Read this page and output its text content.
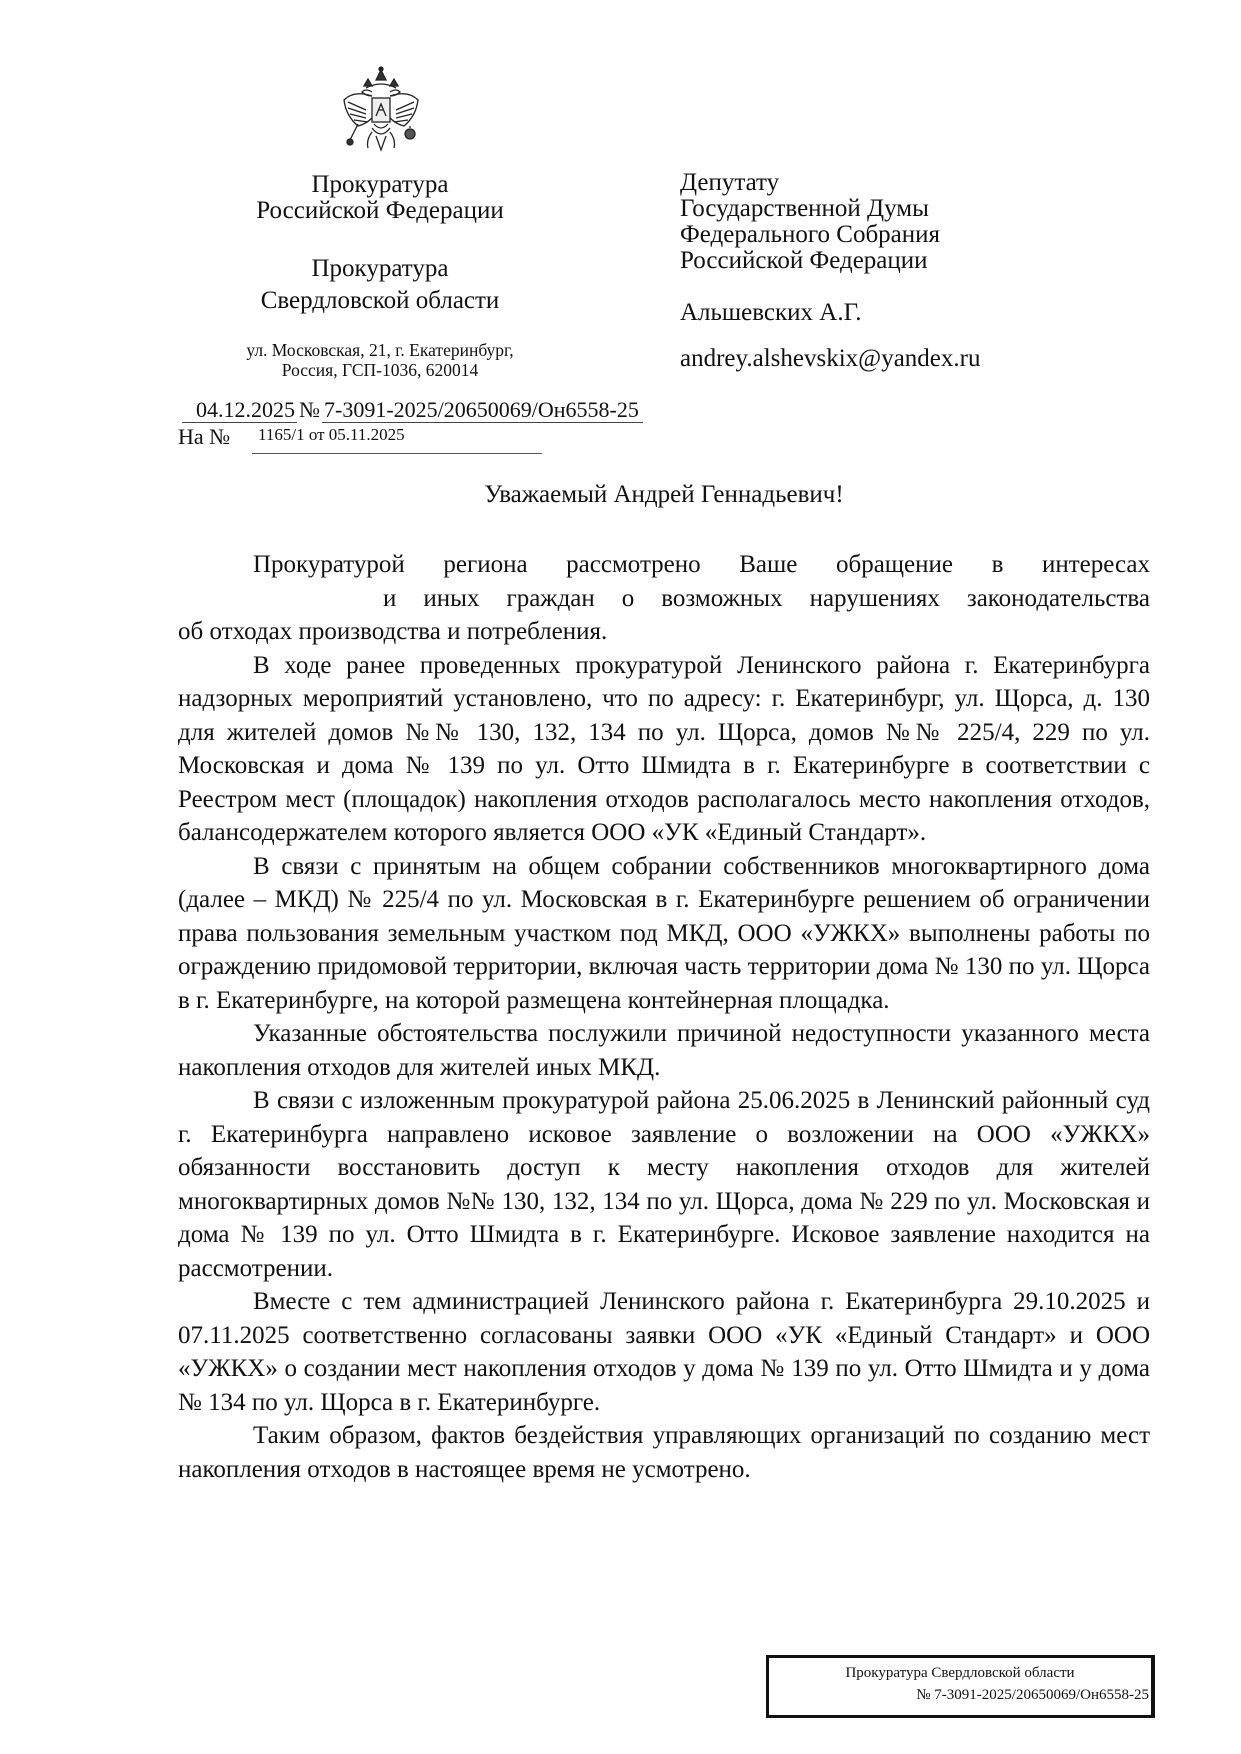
Прокуратура
Российской Федерации
Прокуратура
Свердловской области
ул. Московская, 21, г. Екатеринбург,
Россия, ГСП-1036, 620014
04.12.2025 № 7-3091-2025/20650069/Он6558-25
На № 1165/1 от 05.11.2025
Депутату
Государственной Думы
Федерального Собрания
Российской Федерации
Альшевских А.Г.
andrey.alshevskix@yandex.ru
Уважаемый Андрей Геннадьевич!
Прокуратурой региона рассмотрено Ваше обращение в интересах
и иных граждан о возможных нарушениях законодательства
об отходах производства и потребления.

В ходе ранее проведенных прокуратурой Ленинского района г. Екатеринбурга надзорных мероприятий установлено, что по адресу: г. Екатеринбург, ул. Щорса, д. 130 для жителей домов №№ 130, 132, 134 по ул. Щорса, домов №№ 225/4, 229 по ул. Московская и дома № 139 по ул. Отто Шмидта в г. Екатеринбурге в соответствии с Реестром мест (площадок) накопления отходов располагалось место накопления отходов, балансодержателем которого является ООО «УК «Единый Стандарт».

В связи с принятым на общем собрании собственников многоквартирного дома (далее – МКД) № 225/4 по ул. Московская в г. Екатеринбурге решением об ограничении права пользования земельным участком под МКД, ООО «УЖКХ» выполнены работы по ограждению придомовой территории, включая часть территории дома № 130 по ул. Щорса в г. Екатеринбурге, на которой размещена контейнерная площадка.

Указанные обстоятельства послужили причиной недоступности указанного места накопления отходов для жителей иных МКД.

В связи с изложенным прокуратурой района 25.06.2025 в Ленинский районный суд г. Екатеринбурга направлено исковое заявление о возложении на ООО «УЖКХ» обязанности восстановить доступ к месту накопления отходов для жителей многоквартирных домов №№ 130, 132, 134 по ул. Щорса, дома № 229 по ул. Московская и дома № 139 по ул. Отто Шмидта в г. Екатеринбурге. Исковое заявление находится на рассмотрении.

Вместе с тем администрацией Ленинского района г. Екатеринбурга 29.10.2025 и 07.11.2025 соответственно согласованы заявки ООО «УК «Единый Стандарт» и ООО «УЖКХ» о создании мест накопления отходов у дома № 139 по ул. Отто Шмидта и у дома № 134 по ул. Щорса в г. Екатеринбурге.

Таким образом, фактов бездействия управляющих организаций по созданию мест накопления отходов в настоящее время не усмотрено.

Прокуратура Свердловской области
№ 7-3091-2025/20650069/Он6558-25
